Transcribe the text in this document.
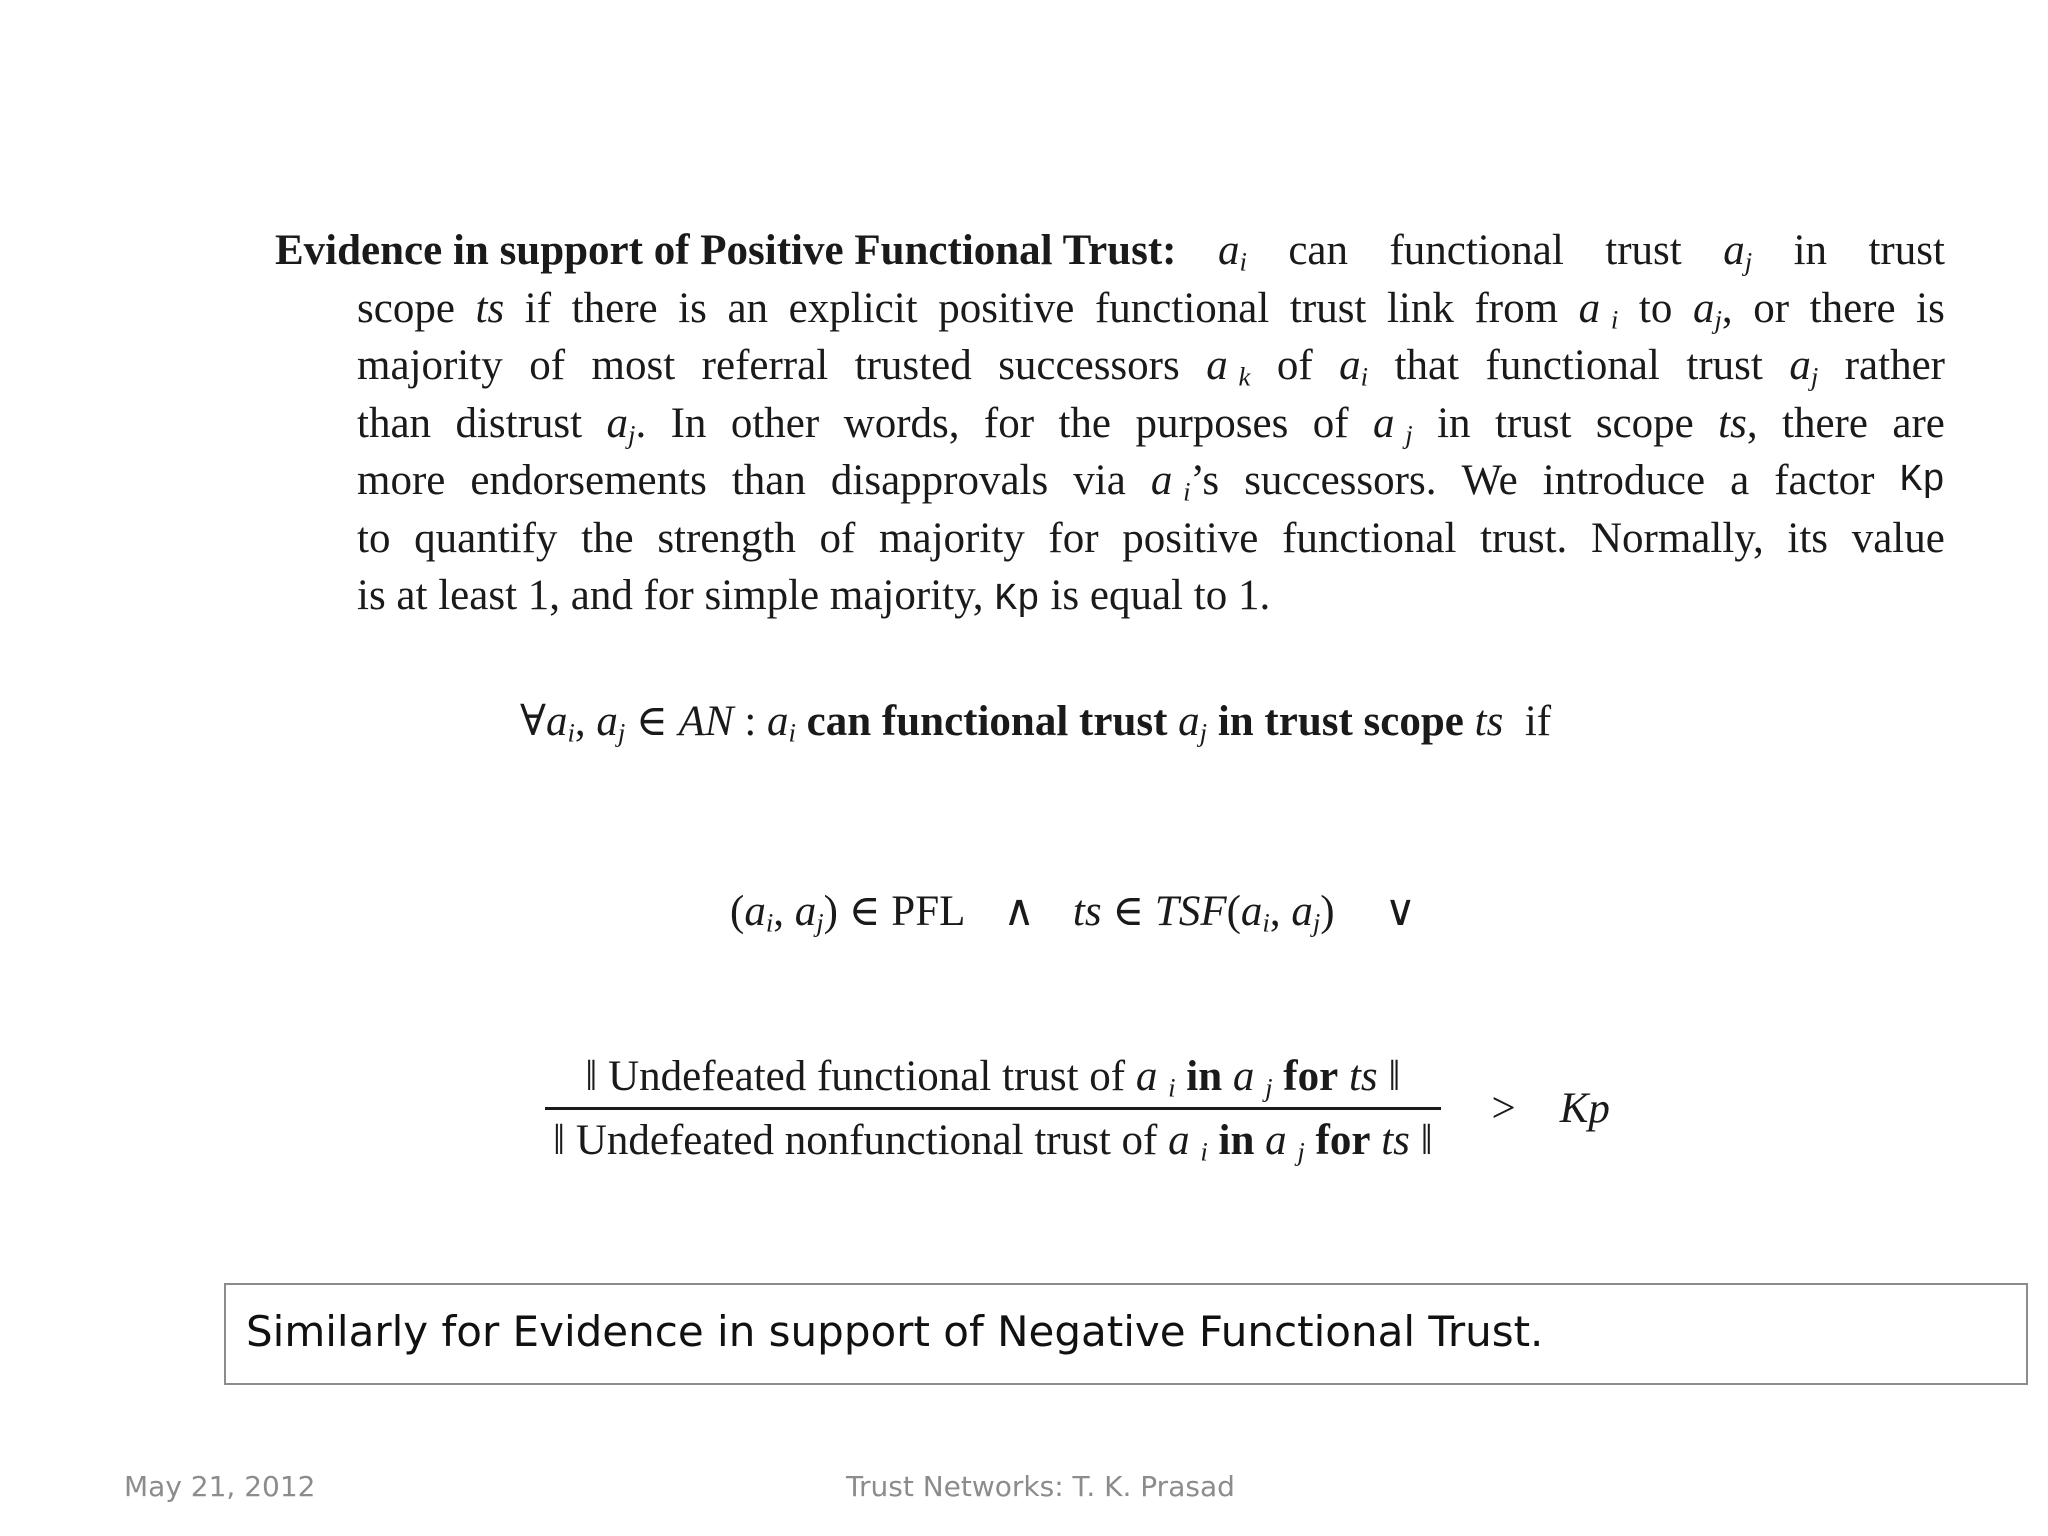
Evidence in support of Positive Functional Trust: $a_i$ can functional trust $a_j$ in trust
scope ts if there is an explicit positive functional trust link from a $_i$ to $a_j$, or there is
majority of most referral trusted successors a $_k$ of $a_i$ that functional trust $a_j$ rather
than distrust $a_j$. In other words, for the purposes of a $_j$ in trust scope ts, there are
more endorsements than disapprovals via a $_i$’s successors. We introduce a factor Kp
to quantify the strength of majority for positive functional trust. Normally, its value
is at least 1, and for simple majority, Kp is equal to 1.
$\forall a_i$, $a_j$ ∈ AN : $a_i$ can functional trust $a_j$ in trust scope ts  if
($a_i$, $a_j$) ∈ PFL ∧ ts ∈ $TSF(a_i$, $a_j$) ∨
$\frac{‖ Undefeated functional trust of a _i in a _j for ts ‖}{‖ Undefeated nonfunctional trust of a _i in a _j for ts ‖} > Kp$
Similarly for Evidence in support of Negative Functional Trust.
May 21, 2012	Trust Networks: T. K. Prasad
